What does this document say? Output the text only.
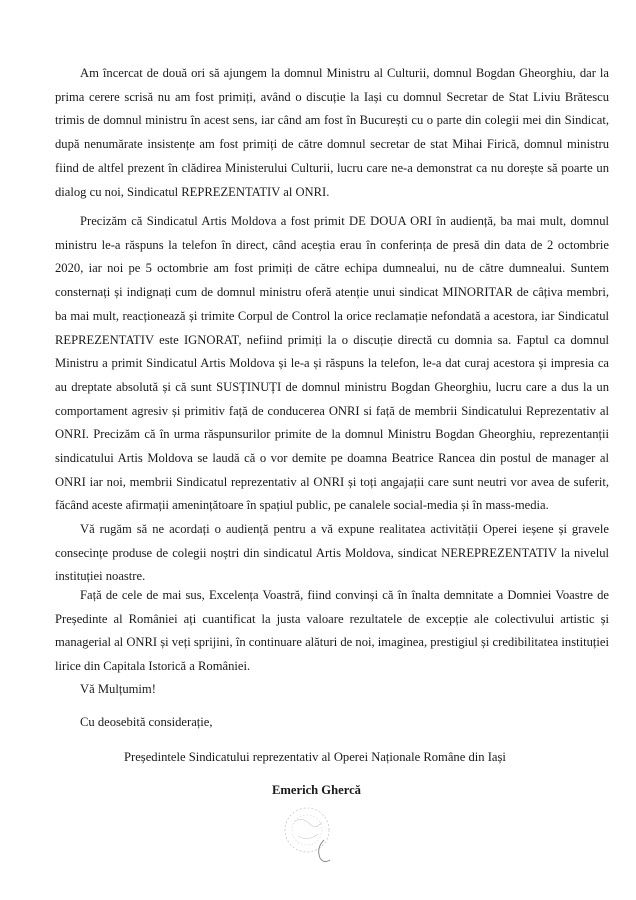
Am încercat de două ori să ajungem la domnul Ministru al Culturii, domnul Bogdan Gheorghiu, dar la prima cerere scrisă nu am fost primiți, având o discuție la Iași cu domnul Secretar de Stat Liviu Brătescu trimis de domnul ministru în acest sens, iar când am fost în București cu o parte din colegii mei din Sindicat, după nenumărate insistențe am fost primiți de către domnul secretar de stat Mihai Firică, domnul ministru fiind de altfel prezent în clădirea Ministerului Culturii, lucru care ne-a demonstrat ca nu dorește să poarte un dialog cu noi, Sindicatul REPREZENTATIV al ONRI.

Precizăm că Sindicatul Artis Moldova a fost primit DE DOUA ORI în audiență, ba mai mult, domnul ministru le-a răspuns la telefon în direct, când aceștia erau în conferința de presă din data de 2 octombrie 2020, iar noi pe 5 octombrie am fost primiți de către echipa dumnealui, nu de către dumnealui. Suntem consternați și indignați cum de domnul ministru oferă atenție unui sindicat MINORITAR de câțiva membri, ba mai mult, reacționează și trimite Corpul de Control la orice reclamație nefondată a acestora, iar Sindicatul REPREZENTATIV este IGNORAT, nefiind primiți la o discuție directă cu domnia sa. Faptul ca domnul Ministru a primit Sindicatul Artis Moldova și le-a și răspuns la telefon, le-a dat curaj acestora și impresia ca au dreptate absolută și că sunt SUSȚINUȚI de domnul ministru Bogdan Gheorghiu, lucru care a dus la un comportament agresiv și primitiv față de conducerea ONRI si față de membrii Sindicatului Reprezentativ al ONRI. Precizăm că în urma răspunsurilor primite de la domnul Ministru Bogdan Gheorghiu, reprezentanții sindicatului Artis Moldova se laudă că o vor demite pe doamna Beatrice Rancea din postul de manager al ONRI iar noi, membrii Sindicatul reprezentativ al ONRI și toți angajații care sunt neutri vor avea de suferit, făcând aceste afirmații amenințătoare în spațiul public, pe canalele social-media și în mass-media.

Vă rugăm să ne acordați o audiență pentru a vă expune realitatea activității Operei ieșene și gravele consecințe produse de colegii noștri din sindicatul Artis Moldova, sindicat NEREPREZENTATIV la nivelul instituției noastre.

Față de cele de mai sus, Excelența Voastră, fiind convinși că în înalta demnitate a Domniei Voastre de Președinte al României ați cuantificat la justa valoare rezultatele de excepție ale colectivului artistic și managerial al ONRI și veți sprijini, în continuare alături de noi, imaginea, prestigiul și credibilitatea instituției lirice din Capitala Istorică a României.

Vă Mulțumim!

Cu deosebită considerație,

Președintele Sindicatului reprezentativ al Operei Naționale Române din Iași

Emerich Ghercă
